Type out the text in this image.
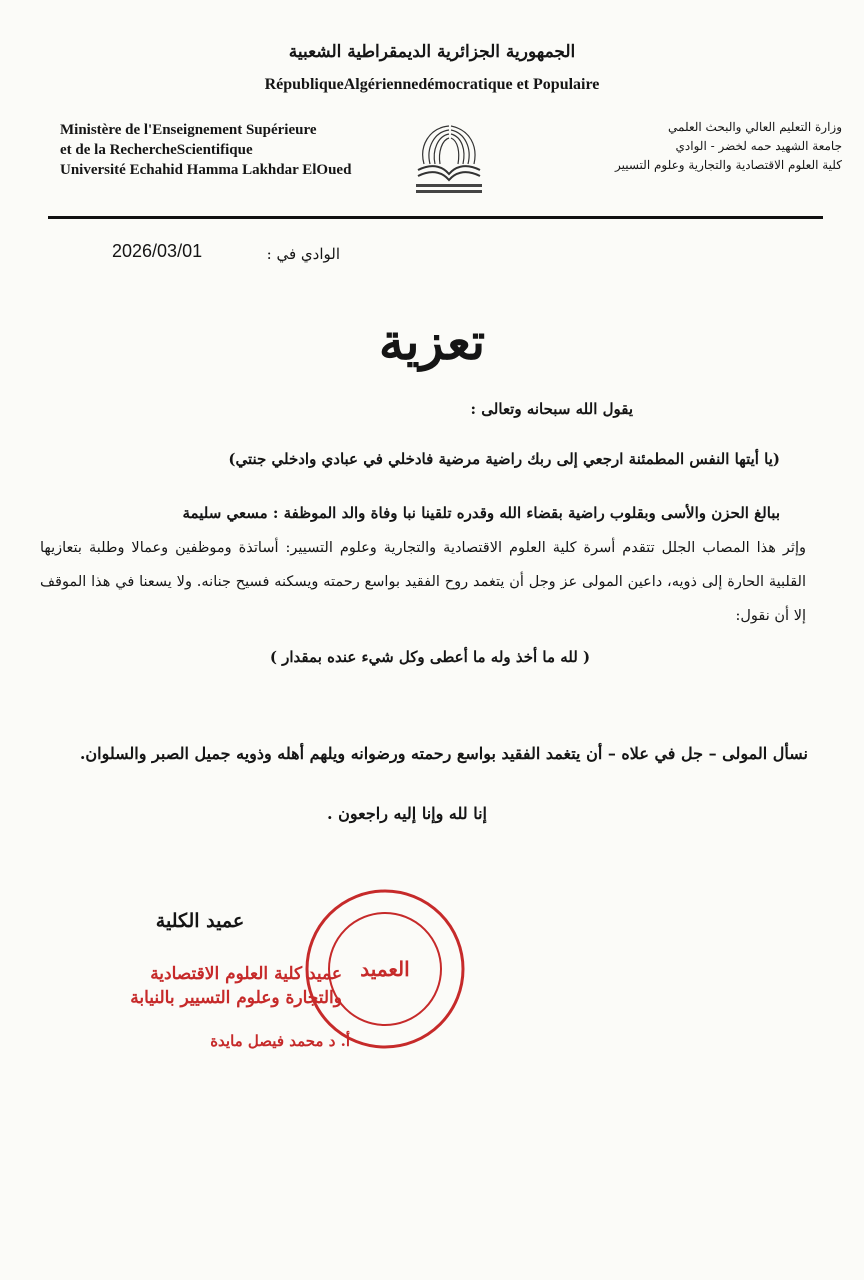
الجمهورية الجزائرية الديمقراطية الشعبية
RépubliqueAlgériennedémocratique et Populaire
Ministère de l'Enseignement Supérieure
et de la RechercheScientifique
Université Echahid Hamma Lakhdar ElOued
وزارة التعليم العالي والبحث العلمي
جامعة الشهيد حمه لخضر - الوادي
كلية العلوم الاقتصادية والتجارية وعلوم التسيير
الوادي في :
2026/03/01
تعزية
يقول الله سبحانه وتعالى :
(يا أيتها النفس المطمئنة ارجعي إلى ربك راضية مرضية فادخلي في عبادي وادخلي جنتي)
ببالغ الحزن والأسى وبقلوب راضية بقضاء الله وقدره تلقينا نبا وفاة والد الموظفة : مسعي سليمة
وإثر هذا المصاب الجلل تتقدم أسرة كلية العلوم الاقتصادية والتجارية وعلوم التسيير: أساتذة وموظفين وعمالا وطلبة بتعازيها القلبية الحارة إلى ذويه، داعين المولى عز وجل أن يتغمد روح الفقيد بواسع رحمته ويسكنه فسيح جنانه. ولا يسعنا في هذا الموقف إلا أن نقول:
( لله ما أخذ وله ما أعطى وكل شيء عنده بمقدار )
نسأل المولى – جل في علاه – أن يتغمد الفقيد بواسع رحمته ورضوانه ويلهم أهله وذويه جميل الصبر والسلوان.
إنا لله وإنا إليه راجعون .
عميد الكلية
العميد
عميد كلية العلوم الاقتصادية
والتجارة وعلوم التسيير بالنيابة
أ. د محمد فيصل مايدة
